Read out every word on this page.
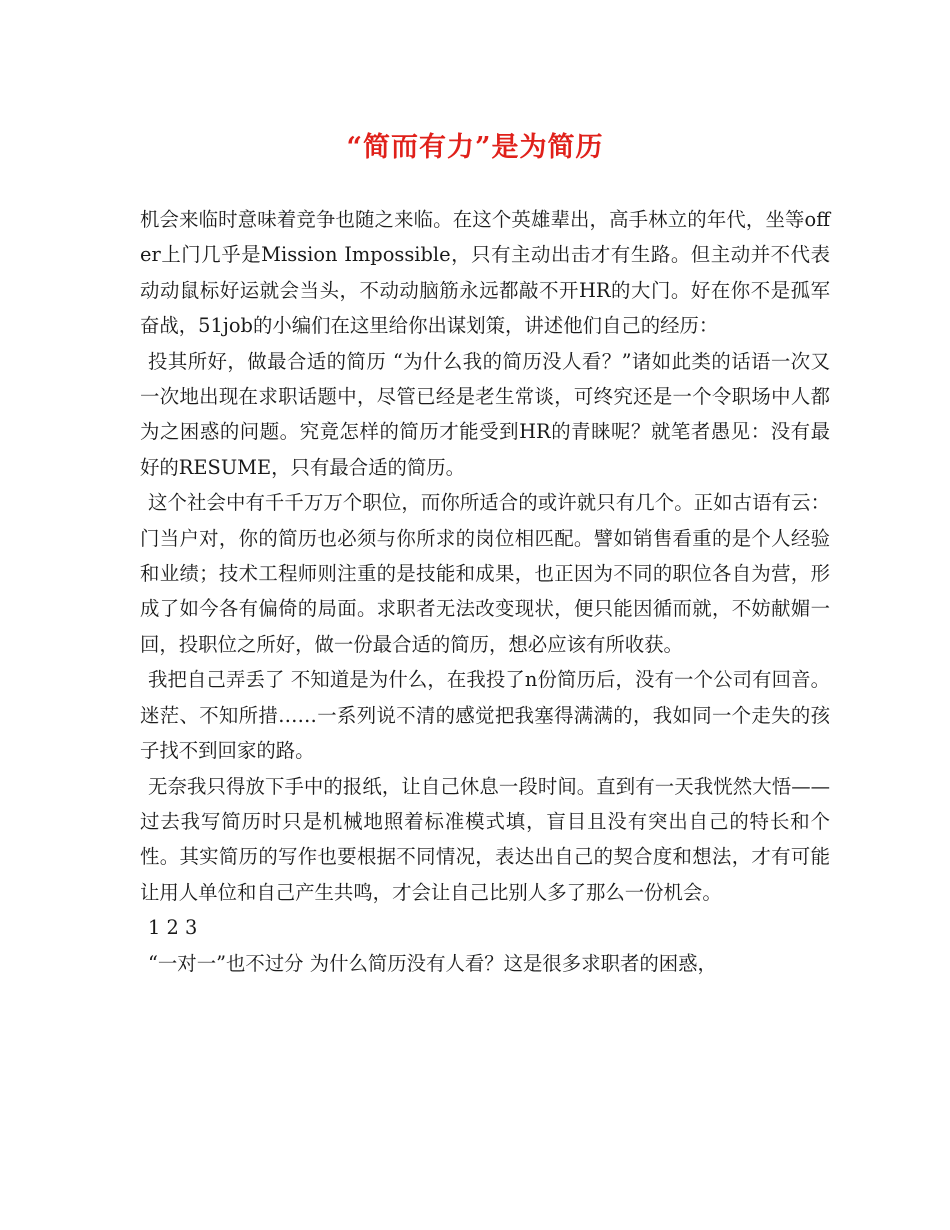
“简而有力”是为简历

机会来临时意味着竞争也随之来临。在这个英雄辈出，高手林立的年代，坐等offer上门几乎是Mission Impossible，只有主动出击才有生路。但主动并不代表动动鼠标好运就会当头，不动动脑筋永远都敲不开HR的大门。好在你不是孤军奋战，51job的小编们在这里给你出谋划策，讲述他们自己的经历：

投其所好，做最合适的简历 “为什么我的简历没人看？”诸如此类的话语一次又一次地出现在求职话题中，尽管已经是老生常谈，可终究还是一个令职场中人都为之困惑的问题。究竟怎样的简历才能受到HR的青睐呢？就笔者愚见：没有最好的RESUME，只有最合适的简历。

这个社会中有千千万万个职位，而你所适合的或许就只有几个。正如古语有云：门当户对，你的简历也必须与你所求的岗位相匹配。譬如销售看重的是个人经验和业绩；技术工程师则注重的是技能和成果，也正因为不同的职位各自为营，形成了如今各有偏倚的局面。求职者无法改变现状，便只能因循而就，不妨献媚一回，投职位之所好，做一份最合适的简历，想必应该有所收获。

我把自己弄丢了 不知道是为什么，在我投了n份简历后，没有一个公司有回音。迷茫、不知所措……一系列说不清的感觉把我塞得满满的，我如同一个走失的孩子找不到回家的路。

无奈我只得放下手中的报纸，让自己休息一段时间。直到有一天我恍然大悟——过去我写简历时只是机械地照着标准模式填，盲目且没有突出自己的特长和个性。其实简历的写作也要根据不同情况，表达出自己的契合度和想法，才有可能让用人单位和自己产生共鸣，才会让自己比别人多了那么一份机会。

1 2 3

“一对一”也不过分 为什么简历没有人看？这是很多求职者的困惑，
